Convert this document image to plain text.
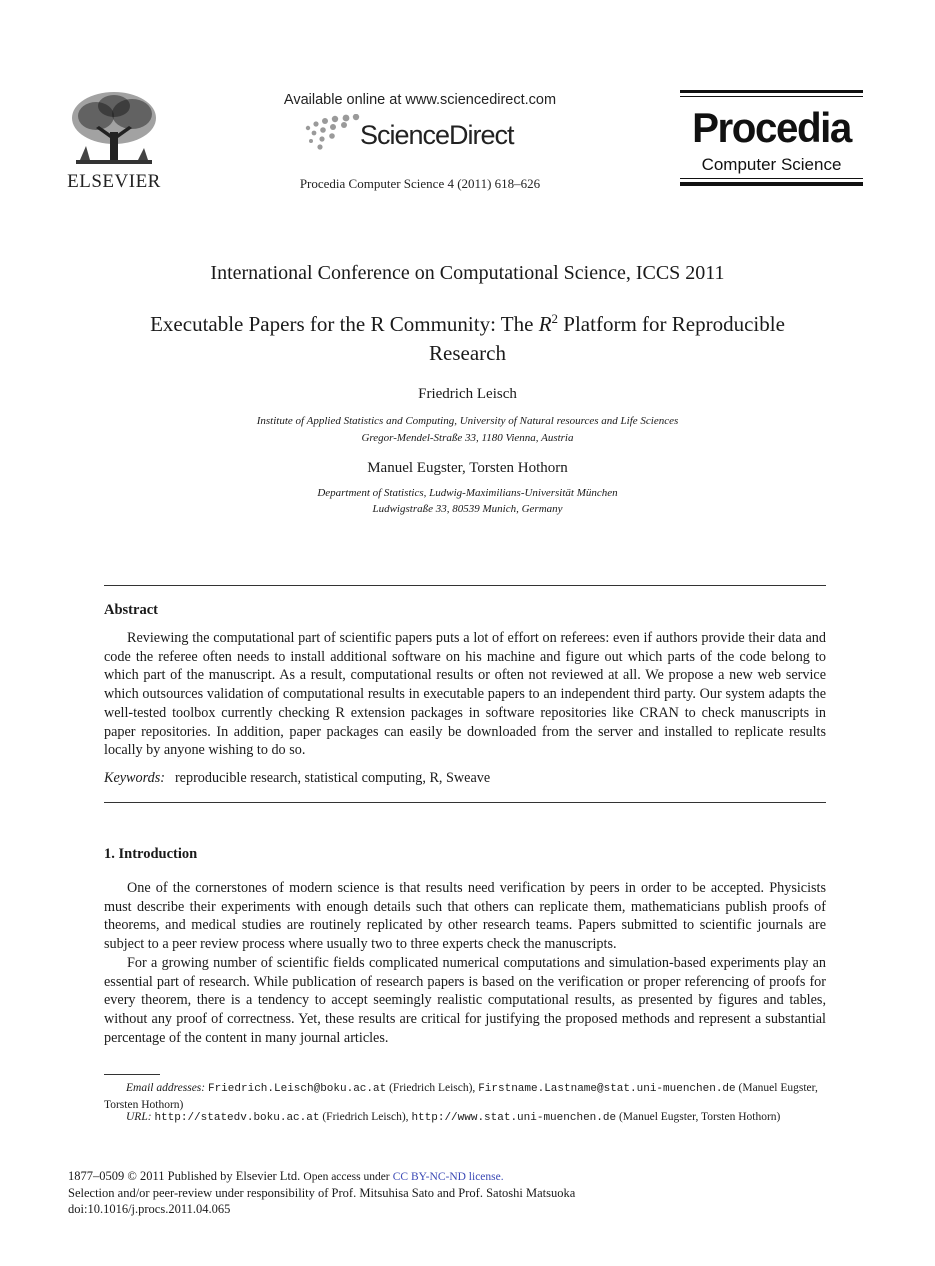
ELSEVIER
Available online at www.sciencedirect.com
ScienceDirect
Procedia Computer Science 4 (2011) 618–626
Procedia
Computer Science
International Conference on Computational Science, ICCS 2011
Executable Papers for the R Community: The $R^2$ Platform for Reproducible
Research
Friedrich Leisch
Institute of Applied Statistics and Computing, University of Natural resources and Life Sciences
Gregor-Mendel-Straße 33, 1180 Vienna, Austria
Manuel Eugster, Torsten Hothorn
Department of Statistics, Ludwig-Maximilians-Universität München
Ludwigstraße 33, 80539 Munich, Germany
Abstract

Reviewing the computational part of scientific papers puts a lot of effort on referees: even if authors provide their data and code the referee often needs to install additional software on his machine and figure out which parts of the code belong to which part of the manuscript. As a result, computational results or often not reviewed at all. We propose a new web service which outsources validation of computational results in executable papers to an independent third party. Our system adapts the well-tested toolbox currently checking R extension packages in software repositories like CRAN to check manuscripts in paper repositories. In addition, paper packages can easily be downloaded from the server and installed to replicate results locally by anyone wishing to do so.

Keywords: reproducible research, statistical computing, R, Sweave
1. Introduction

One of the cornerstones of modern science is that results need verification by peers in order to be accepted. Physicists must describe their experiments with enough details such that others can replicate them, mathematicians publish proofs of theorems, and medical studies are routinely replicated by other research teams. Papers submitted to scientific journals are subject to a peer review process where usually two to three experts check the manuscripts.

For a growing number of scientific fields complicated numerical computations and simulation-based experiments play an essential part of research. While publication of research papers is based on the verification or proper referencing of proofs for every theorem, there is a tendency to accept seemingly realistic computational results, as presented by figures and tables, without any proof of correctness. Yet, these results are critical for justifying the proposed methods and represent a substantial percentage of the content in many journal articles.

Email addresses: Friedrich.Leisch@boku.ac.at (Friedrich Leisch), Firstname.Lastname@stat.uni-muenchen.de (Manuel Eugster, Torsten Hothorn)
URL: http://statedv.boku.ac.at (Friedrich Leisch), http://www.stat.uni-muenchen.de (Manuel Eugster, Torsten Hothorn)
1877–0509 © 2011 Published by Elsevier Ltd. Open access under CC BY-NC-ND license.
Selection and/or peer-review under responsibility of Prof. Mitsuhisa Sato and Prof. Satoshi Matsuoka
doi:10.1016/j.procs.2011.04.065
